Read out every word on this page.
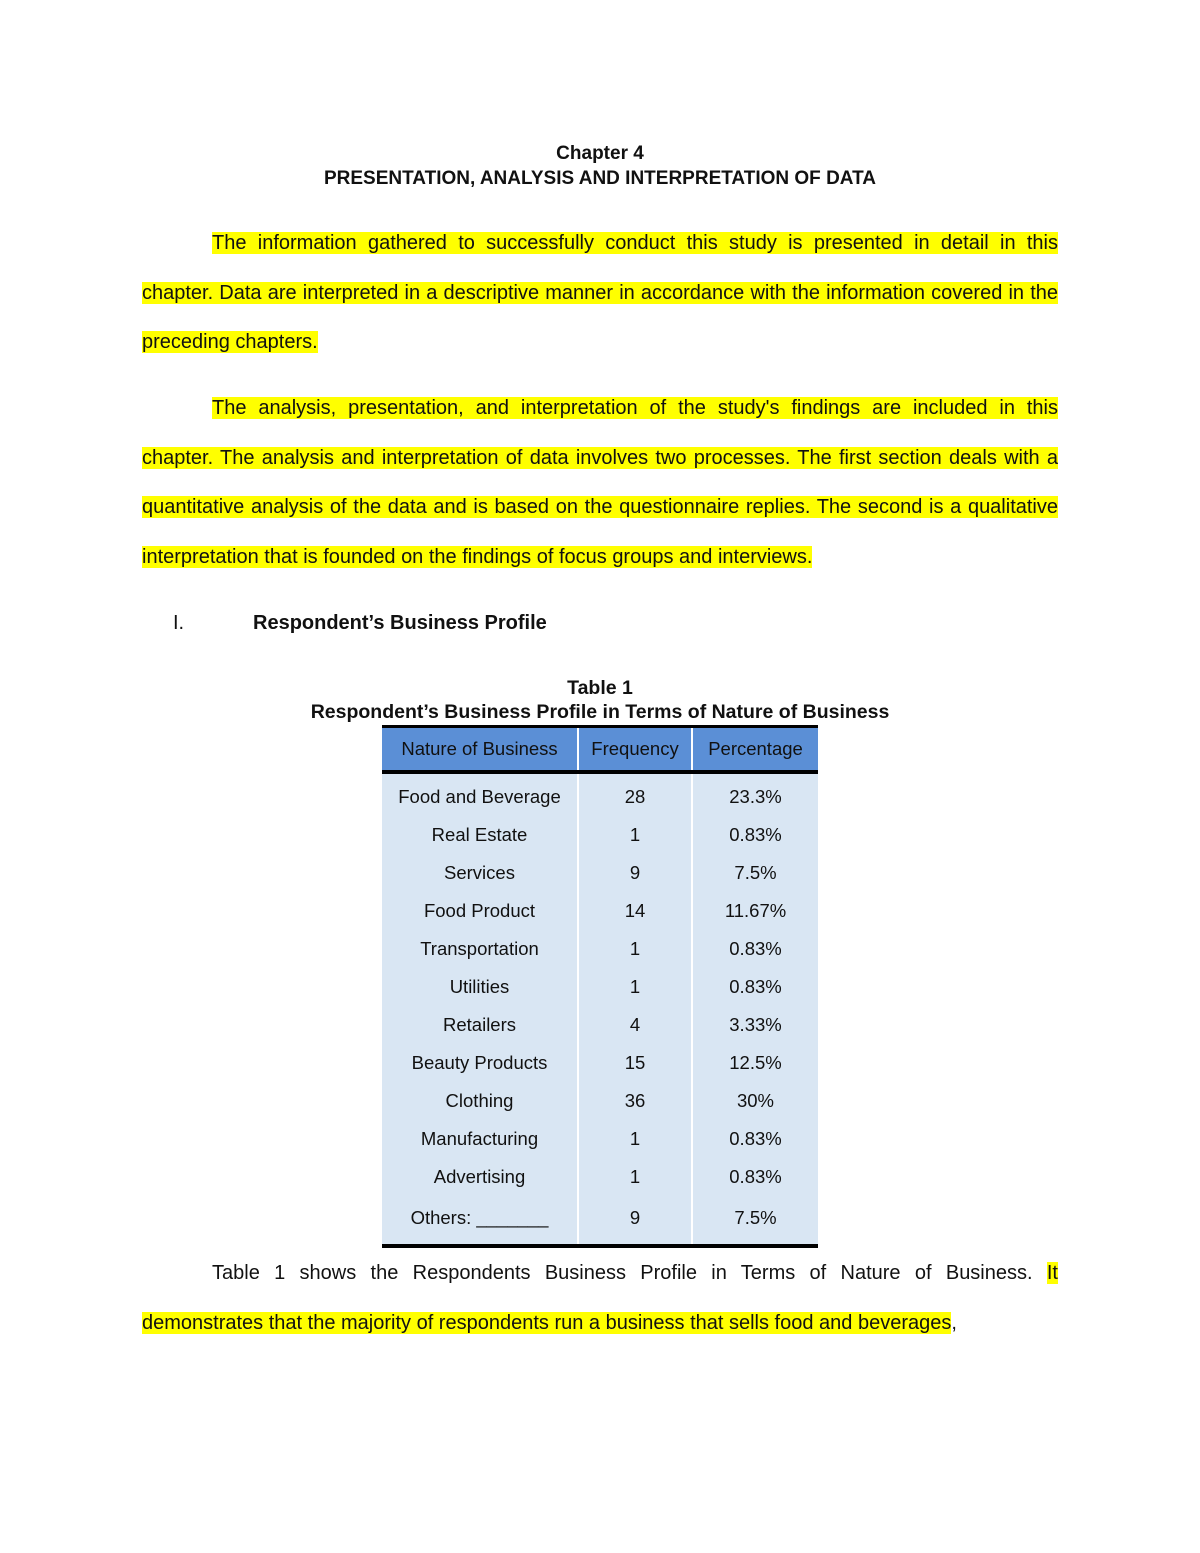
Chapter 4
PRESENTATION, ANALYSIS AND INTERPRETATION OF DATA
The information gathered to successfully conduct this study is presented in detail in this chapter. Data are interpreted in a descriptive manner in accordance with the information covered in the preceding chapters.
The analysis, presentation, and interpretation of the study's findings are included in this chapter. The analysis and interpretation of data involves two processes. The first section deals with a quantitative analysis of the data and is based on the questionnaire replies. The second is a qualitative interpretation that is founded on the findings of focus groups and interviews.
I.	Respondent’s Business Profile
Table 1
Respondent’s Business Profile in Terms of Nature of Business
Nature of Business	Frequency	Percentage
Food and Beverage	28	23.3%
Real Estate	1	0.83%
Services	9	7.5%
Food Product	14	11.67%
Transportation	1	0.83%
Utilities	1	0.83%
Retailers	4	3.33%
Beauty Products	15	12.5%
Clothing	36	30%
Manufacturing	1	0.83%
Advertising	1	0.83%
Others: _______	9	7.5%
Table 1 shows the Respondents Business Profile in Terms of Nature of Business. It demonstrates that the majority of respondents run a business that sells food and beverages,
